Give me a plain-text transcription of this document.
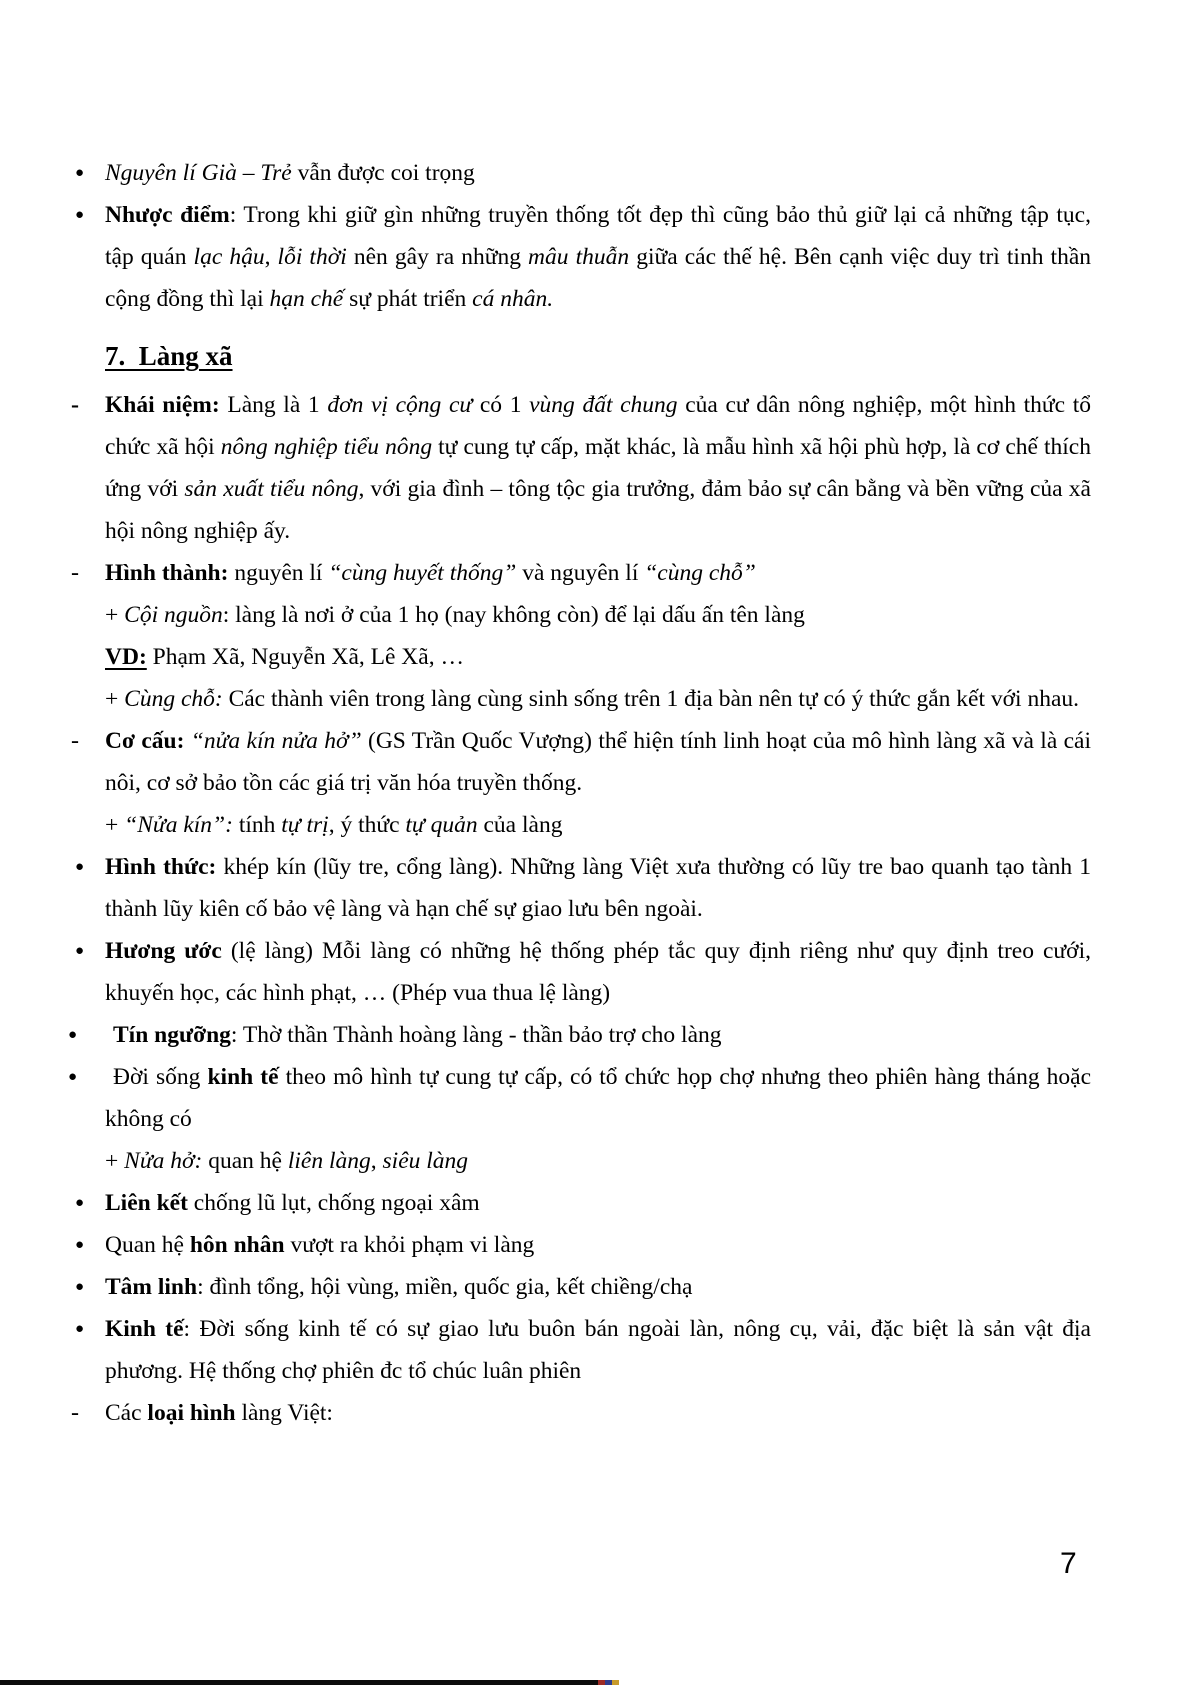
● Nguyên lí Già – Trẻ vẫn được coi trọng
● Nhược điểm: Trong khi giữ gìn những truyền thống tốt đẹp thì cũng bảo thủ giữ lại cả những tập tục, tập quán lạc hậu, lỗi thời nên gây ra những mâu thuẫn giữa các thế hệ. Bên cạnh việc duy trì tinh thần cộng đồng thì lại hạn chế sự phát triển cá nhân.
7.  Làng xã
- Khái niệm: Làng là 1 đơn vị cộng cư có 1 vùng đất chung của cư dân nông nghiệp, một hình thức tổ chức xã hội nông nghiệp tiểu nông tự cung tự cấp, mặt khác, là mẫu hình xã hội phù hợp, là cơ chế thích ứng với sản xuất tiểu nông, với gia đình – tông tộc gia trưởng, đảm bảo sự cân bằng và bền vững của xã hội nông nghiệp ấy.
- Hình thành: nguyên lí “cùng huyết thống” và nguyên lí “cùng chỗ”
+ Cội nguồn: làng là nơi ở của 1 họ (nay không còn) để lại dấu ấn tên làng
VD: Phạm Xã, Nguyễn Xã, Lê Xã, …
+ Cùng chỗ: Các thành viên trong làng cùng sinh sống trên 1 địa bàn nên tự có ý thức gắn kết với nhau.
- Cơ cấu: “nửa kín nửa hở” (GS Trần Quốc Vượng) thể hiện tính linh hoạt của mô hình làng xã và là cái nôi, cơ sở bảo tồn các giá trị văn hóa truyền thống.
+ “Nửa kín”: tính tự trị, ý thức tự quản của làng
● Hình thức: khép kín (lũy tre, cổng làng). Những làng Việt xưa thường có lũy tre bao quanh tạo tành 1 thành lũy kiên cố bảo vệ làng và hạn chế sự giao lưu bên ngoài.
● Hương ước (lệ làng) Mỗi làng có những hệ thống phép tắc quy định riêng như quy định treo cưới, khuyến học, các hình phạt, … (Phép vua thua lệ làng)
● Tín ngưỡng: Thờ thần Thành hoàng làng - thần bảo trợ cho làng
● Đời sống kinh tế theo mô hình tự cung tự cấp, có tổ chức họp chợ nhưng theo phiên hàng tháng hoặc không có
+ Nửa hở: quan hệ liên làng, siêu làng
● Liên kết chống lũ lụt, chống ngoại xâm
● Quan hệ hôn nhân vượt ra khỏi phạm vi làng
● Tâm linh: đình tổng, hội vùng, miền, quốc gia, kết chiềng/chạ
● Kinh tế: Đời sống kinh tế có sự giao lưu buôn bán ngoài làn, nông cụ, vải, đặc biệt là sản vật địa phương. Hệ thống chợ phiên đc tổ chúc luân phiên
- Các loại hình làng Việt:
7
